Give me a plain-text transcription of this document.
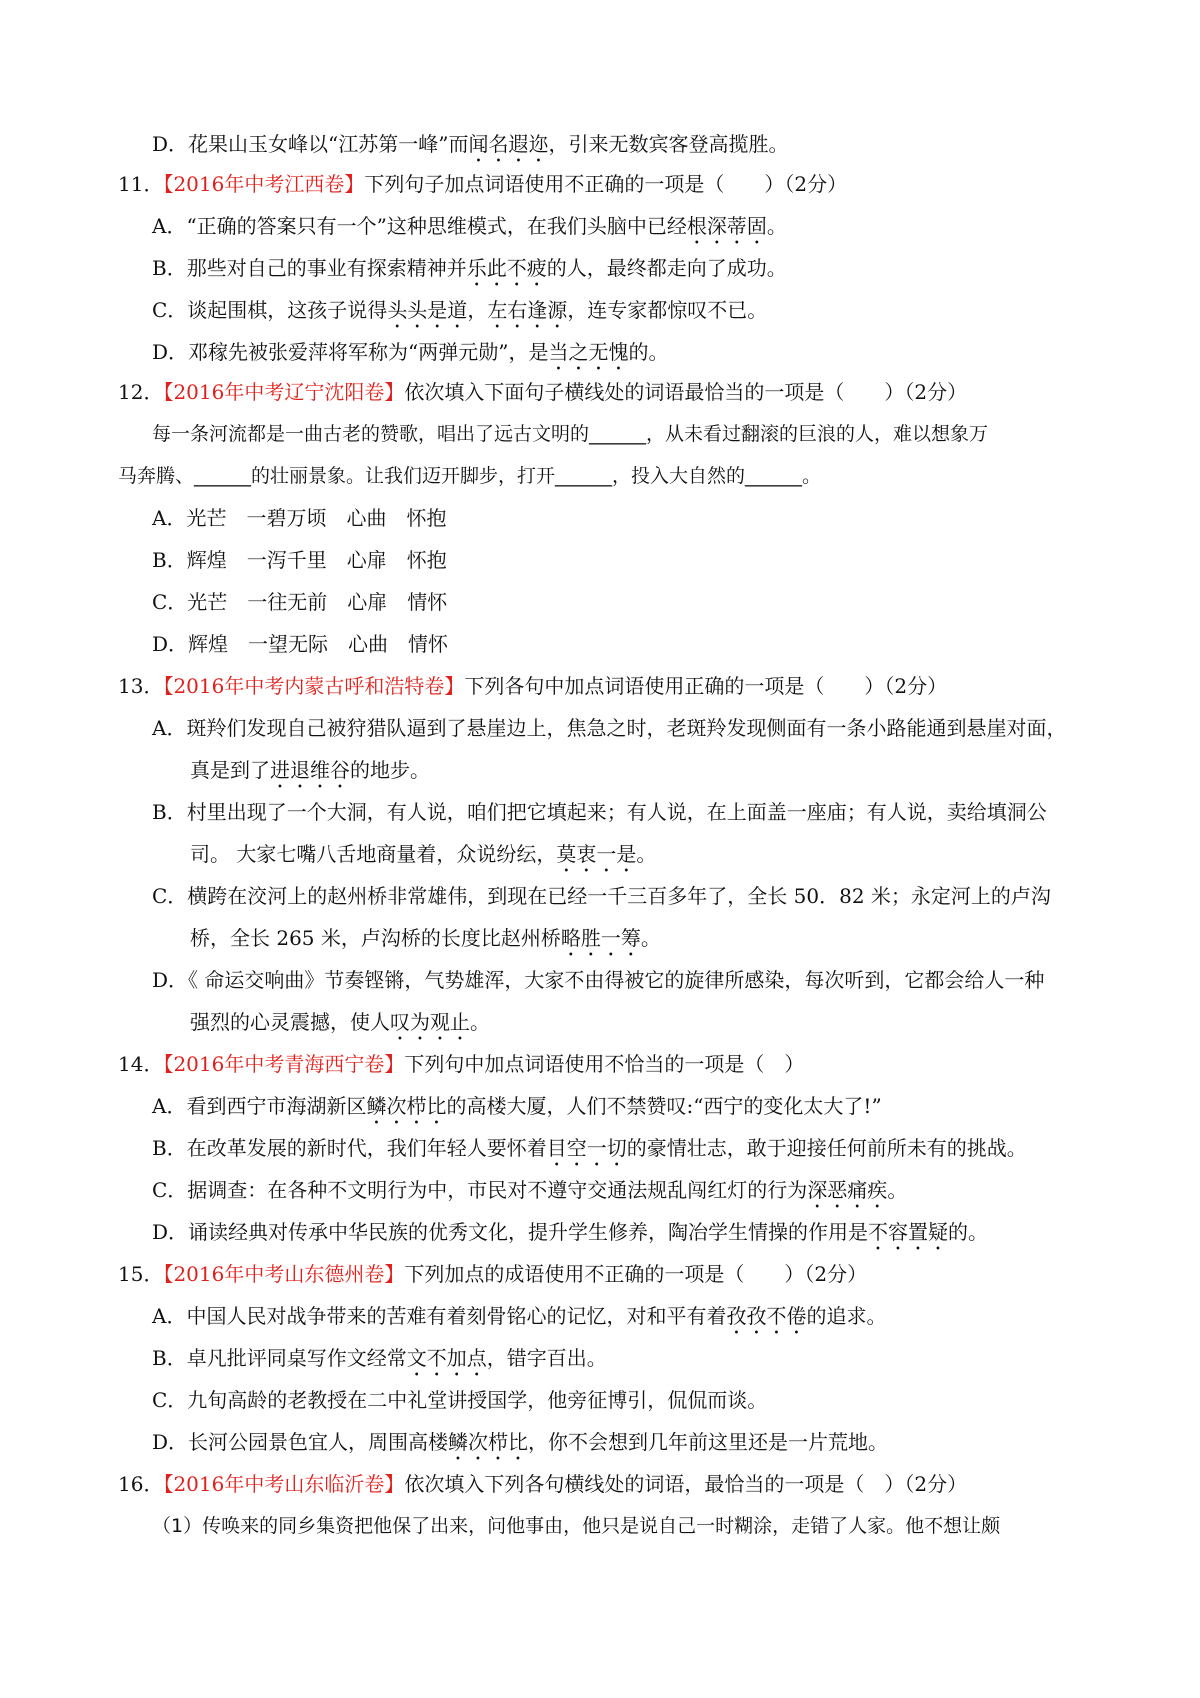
D．花果山玉女峰以“江苏第一峰”而闻名遐迩，引来无数宾客登高揽胜。
11．【2016年中考江西卷】下列句子加点词语使用不正确的一项是（　　）（2分）
A．“正确的答案只有一个”这种思维模式，在我们头脑中已经根深蒂固。
B．那些对自己的事业有探索精神并乐此不疲的人，最终都走向了成功。
C．谈起围棋，这孩子说得头头是道，左右逢源，连专家都惊叹不已。
D．邓稼先被张爱萍将军称为“两弹元勋”，是当之无愧的。
12．【2016年中考辽宁沈阳卷】依次填入下面句子横线处的词语最恰当的一项是（　　）（2分）
每一条河流都是一曲古老的赞歌，唱出了远古文明的______，从未看过翻滚的巨浪的人，难以想象万
马奔腾、______的壮丽景象。让我们迈开脚步，打开______，投入大自然的______。
A．光芒　一碧万顷　心曲　怀抱
B．辉煌　一泻千里　心扉　怀抱
C．光芒　一往无前　心扉　情怀
D．辉煌　一望无际　心曲　情怀
13．【2016年中考内蒙古呼和浩特卷】下列各句中加点词语使用正确的一项是（　　）（2分）
A．斑羚们发现自己被狩猎队逼到了悬崖边上，焦急之时，老斑羚发现侧面有一条小路能通到悬崖对面，
真是到了进退维谷的地步。
B．村里出现了一个大洞，有人说，咱们把它填起来；有人说，在上面盖一座庙；有人说，卖给填洞公
司。 大家七嘴八舌地商量着，众说纷纭，莫衷一是。
C．横跨在洨河上的赵州桥非常雄伟，到现在已经一千三百多年了，全长 50．82 米；永定河上的卢沟
桥，全长 265 米，卢沟桥的长度比赵州桥略胜一筹。
D．《 命运交响曲》节奏铿锵，气势雄浑，大家不由得被它的旋律所感染，每次听到，它都会给人一种
强烈的心灵震撼，使人叹为观止。
14．【2016年中考青海西宁卷】下列句中加点词语使用不恰当的一项是（　）
A．看到西宁市海湖新区鳞次栉比的高楼大厦，人们不禁赞叹:“西宁的变化太大了!”
B．在改革发展的新时代，我们年轻人要怀着目空一切的豪情壮志，敢于迎接任何前所未有的挑战。
C．据调查：在各种不文明行为中，市民对不遵守交通法规乱闯红灯的行为深恶痛疾。
D．诵读经典对传承中华民族的优秀文化，提升学生修养，陶冶学生情操的作用是不容置疑的。
15．【2016年中考山东德州卷】下列加点的成语使用不正确的一项是（　　）（2分）
A．中国人民对战争带来的苦难有着刻骨铭心的记忆，对和平有着孜孜不倦的追求。
B．卓凡批评同桌写作文经常文不加点，错字百出。
C．九旬高龄的老教授在二中礼堂讲授国学，他旁征博引，侃侃而谈。
D．长河公园景色宜人，周围高楼鳞次栉比，你不会想到几年前这里还是一片荒地。
16．【2016年中考山东临沂卷】依次填入下列各句横线处的词语，最恰当的一项是（　）（2分）
（1）传唤来的同乡集资把他保了出来，问他事由，他只是说自己一时糊涂，走错了人家。他不想让颇
